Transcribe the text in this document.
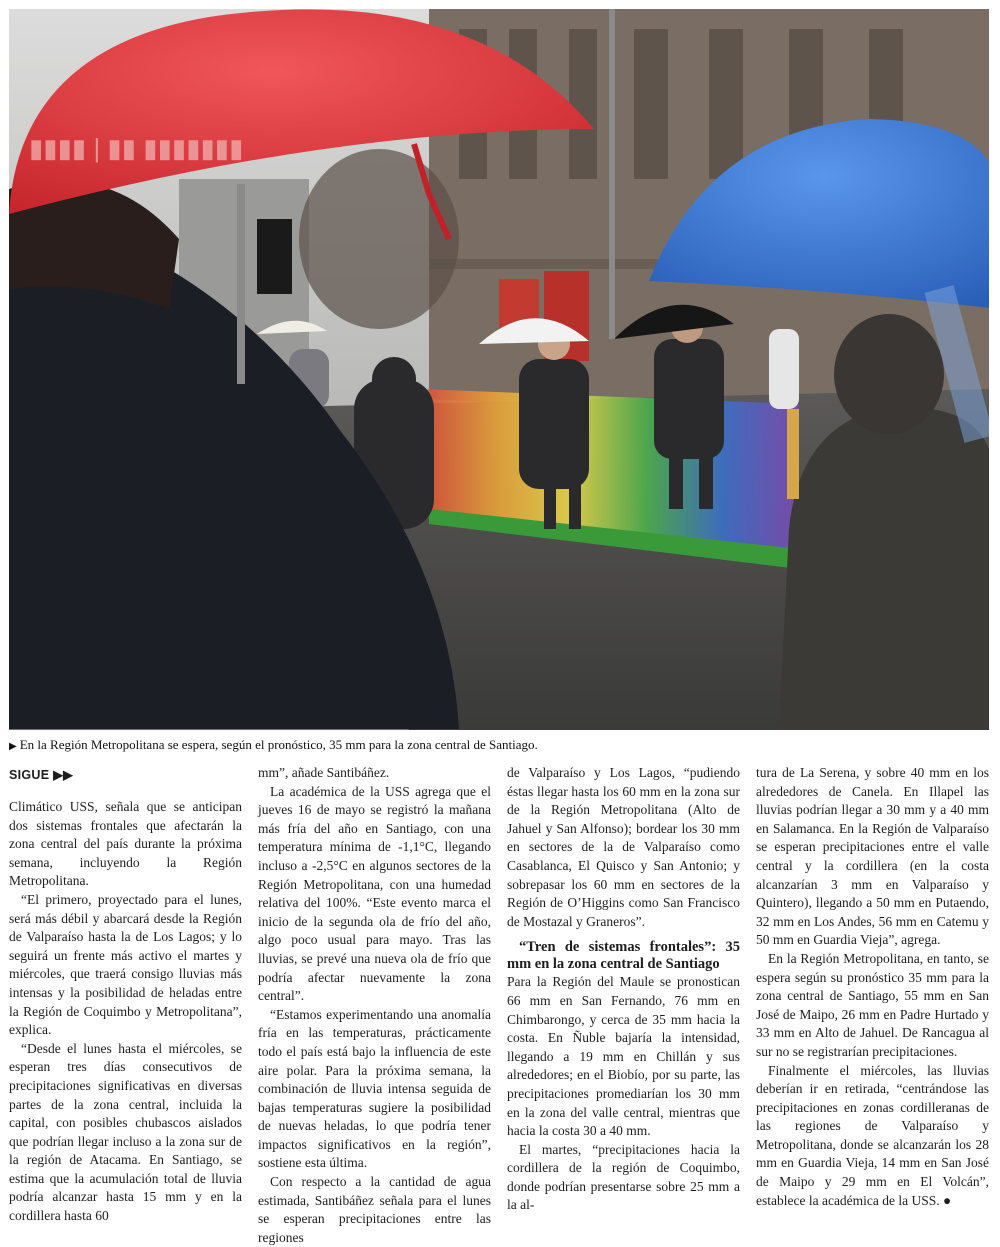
▮▮▮▮ | ▮▮ ▮▮▮▮▮▮▮
▶ En la Región Metropolitana se espera, según el pronóstico, 35 mm para la zona central de Santiago.
SIGUE ▶▶

Climático USS, señala que se anticipan dos sistemas frontales que afectarán la zona central del país durante la próxima semana, incluyendo la Región Metropolitana.

“El primero, proyectado para el lunes, será más débil y abarcará desde la Región de Valparaíso hasta la de Los Lagos; y lo seguirá un frente más activo el martes y miércoles, que traerá consigo lluvias más intensas y la posibilidad de heladas entre la Región de Coquimbo y Metropolitana”, explica.

“Desde el lunes hasta el miércoles, se esperan tres días consecutivos de precipitaciones significativas en diversas partes de la zona central, incluida la capital, con posibles chubascos aislados que podrían llegar incluso a la zona sur de la región de Atacama. En Santiago, se estima que la acumulación total de lluvia podría alcanzar hasta 15 mm y en la cordillera hasta 60

mm”, añade Santibáñez.

La académica de la USS agrega que el jueves 16 de mayo se registró la mañana más fría del año en Santiago, con una temperatura mínima de -1,1°C, llegando incluso a -2,5°C en algunos sectores de la Región Metropolitana, con una humedad relativa del 100%. “Este evento marca el inicio de la segunda ola de frío del año, algo poco usual para mayo. Tras las lluvias, se prevé una nueva ola de frío que podría afectar nuevamente la zona central”.

“Estamos experimentando una anomalía fría en las temperaturas, prácticamente todo el país está bajo la influencia de este aire polar. Para la próxima semana, la combinación de lluvia intensa seguida de bajas temperaturas sugiere la posibilidad de nuevas heladas, lo que podría tener impactos significativos en la región”, sostiene esta última.

Con respecto a la cantidad de agua estimada, Santibáñez señala para el lunes se esperan precipitaciones entre las regiones

de Valparaíso y Los Lagos, “pudiendo éstas llegar hasta los 60 mm en la zona sur de la Región Metropolitana (Alto de Jahuel y San Alfonso); bordear los 30 mm en sectores de la de Valparaíso como Casablanca, El Quisco y San Antonio; y sobrepasar los 60 mm en sectores de la Región de O’Higgins como San Francisco de Mostazal y Graneros”.

“Tren de sistemas frontales”: 35 mm en la zona central de Santiago

Para la Región del Maule se pronostican 66 mm en San Fernando, 76 mm en Chimbarongo, y cerca de 35 mm hacia la costa. En Ñuble bajaría la intensidad, llegando a 19 mm en Chillán y sus alrededores; en el Biobío, por su parte, las precipitaciones promediarían los 30 mm en la zona del valle central, mientras que hacia la costa 30 a 40 mm.

El martes, “precipitaciones hacia la cordillera de la región de Coquimbo, donde podrían presentarse sobre 25 mm a la al-

tura de La Serena, y sobre 40 mm en los alrededores de Canela. En Illapel las lluvias podrían llegar a 30 mm y a 40 mm en Salamanca. En la Región de Valparaíso se esperan precipitaciones entre el valle central y la cordillera (en la costa alcanzarían 3 mm en Valparaíso y Quintero), llegando a 50 mm en Putaendo, 32 mm en Los Andes, 56 mm en Catemu y 50 mm en Guardia Vieja”, agrega.

En la Región Metropolitana, en tanto, se espera según su pronóstico 35 mm para la zona central de Santiago, 55 mm en San José de Maipo, 26 mm en Padre Hurtado y 33 mm en Alto de Jahuel. De Rancagua al sur no se registrarían precipitaciones.

Finalmente el miércoles, las lluvias deberían ir en retirada, “centrándose las precipitaciones en zonas cordilleranas de las regiones de Valparaíso y Metropolitana, donde se alcanzarán los 28 mm en Guardia Vieja, 14 mm en San José de Maipo y 29 mm en El Volcán”, establece la académica de la USS. ●
